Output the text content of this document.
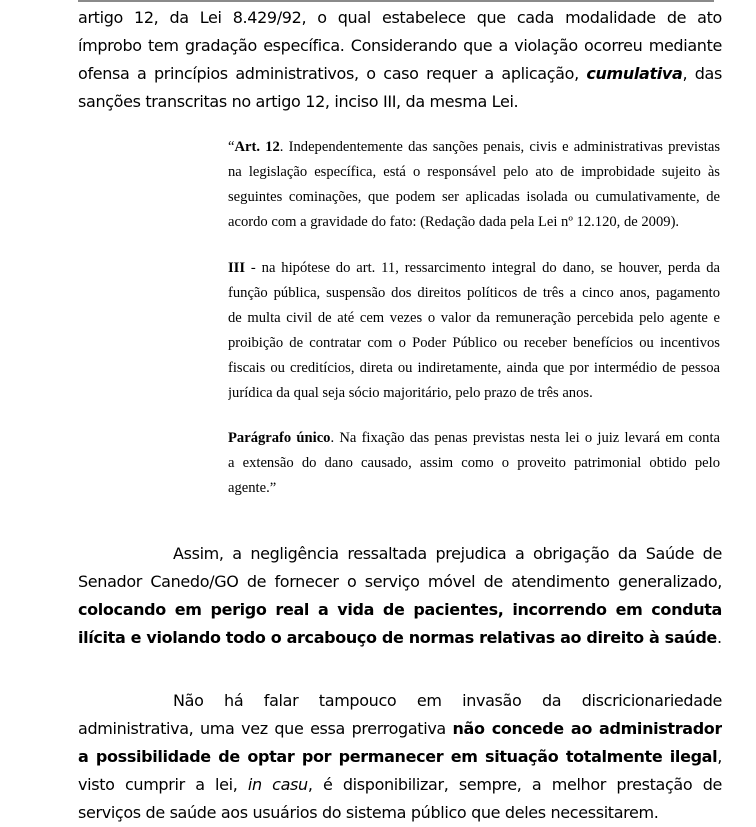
artigo 12, da Lei 8.429/92, o qual estabelece que cada modalidade de ato
ímprobo tem gradação específica. Considerando que a violação ocorreu mediante
ofensa a princípios administrativos, o caso requer a aplicação, cumulativa, das
sanções transcritas no artigo 12, inciso III, da mesma Lei.
“Art. 12. Independentemente das sanções penais, civis e administrativas previstas
na legislação específica, está o responsável pelo ato de improbidade sujeito às
seguintes cominações, que podem ser aplicadas isolada ou cumulativamente, de
acordo com a gravidade do fato: (Redação dada pela Lei nº 12.120, de 2009).
III - na hipótese do art. 11, ressarcimento integral do dano, se houver, perda da
função pública, suspensão dos direitos políticos de três a cinco anos, pagamento
de multa civil de até cem vezes o valor da remuneração percebida pelo agente e
proibição de contratar com o Poder Público ou receber benefícios ou incentivos
fiscais ou creditícios, direta ou indiretamente, ainda que por intermédio de pessoa
jurídica da qual seja sócio majoritário, pelo prazo de três anos.
Parágrafo único. Na fixação das penas previstas nesta lei o juiz levará em conta
a extensão do dano causado, assim como o proveito patrimonial obtido pelo
agente.”
Assim, a negligência ressaltada prejudica a obrigação da Saúde de
Senador Canedo/GO de fornecer o serviço móvel de atendimento generalizado,
colocando em perigo real a vida de pacientes, incorrendo em conduta
ilícita e violando todo o arcabouço de normas relativas ao direito à saúde.
Não há falar tampouco em invasão da discricionariedade
administrativa, uma vez que essa prerrogativa não concede ao administrador
a possibilidade de optar por permanecer em situação totalmente ilegal,
visto cumprir a lei, in casu, é disponibilizar, sempre, a melhor prestação de
serviços de saúde aos usuários do sistema público que deles necessitarem.
